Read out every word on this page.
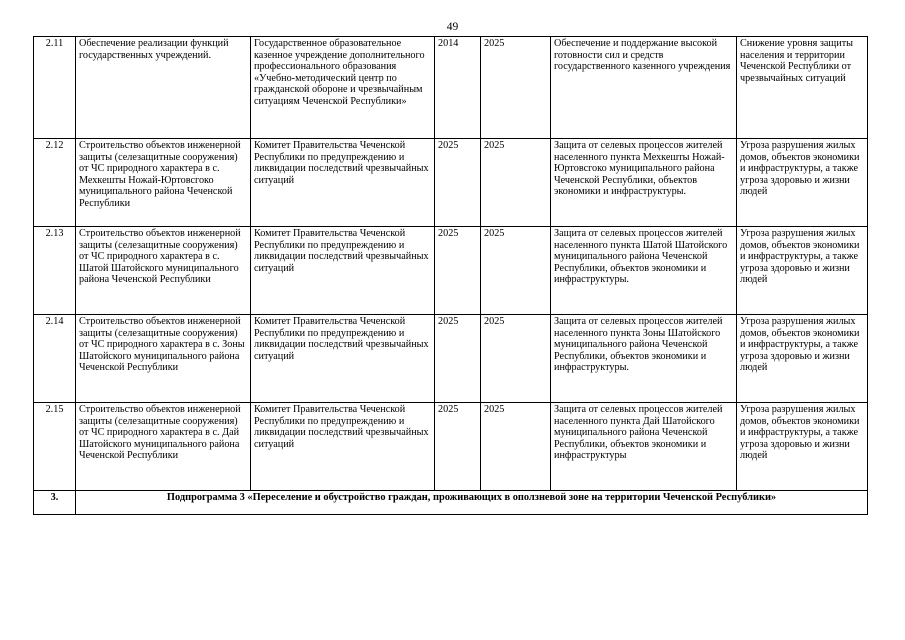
49
2.11	Обеспечение реализации функций государственных учреждений.	Государственное образовательное казенное учреждение дополнительного профессионального образования «Учебно-методический центр по гражданской обороне и чрезвычайным ситуациям Чеченской Республики»	2014	2025	Обеспечение и поддержание высокой готовности сил и средств государственного казенного учреждения	Снижение уровня защиты населения и территории Чеченской Республики от чрезвычайных ситуаций
2.12	Строительство объектов инженерной защиты (селезащитные сооружения) от ЧС природного характера в с. Мехкешты Ножай-Юртовсгоко муниципального района Чеченской Республики	Комитет Правительства Чеченской Республики по предупреждению и ликвидации последствий чрезвычайных ситуаций	2025	2025	Защита от селевых процессов жителей населенного пункта Мехкешты Ножай-Юртовсгоко муниципального района Чеченской Республики, объектов экономики и инфраструктуры.	Угроза разрушения жилых домов, объектов экономики и инфраструктуры, а также угроза здоровью и жизни людей
2.13	Строительство объектов инженерной защиты (селезащитные сооружения) от ЧС природного характера в с. Шатой Шатойского муниципального района Чеченской Республики	Комитет Правительства Чеченской Республики по предупреждению и ликвидации последствий чрезвычайных ситуаций	2025	2025	Защита от селевых процессов жителей населенного пункта Шатой Шатойского муниципального района Чеченской Республики, объектов экономики и инфраструктуры.	Угроза разрушения жилых домов, объектов экономики и инфраструктуры, а также угроза здоровью и жизни людей
2.14	Строительство объектов инженерной защиты (селезащитные сооружения) от ЧС природного характера в с. Зоны Шатойского муниципального района Чеченской Республики	Комитет Правительства Чеченской Республики по предупреждению и ликвидации последствий чрезвычайных ситуаций	2025	2025	Защита от селевых процессов жителей населенного пункта Зоны Шатойского муниципального района Чеченской Республики, объектов экономики и инфраструктуры.	Угроза разрушения жилых домов, объектов экономики и инфраструктуры, а также угроза здоровью и жизни людей
2.15	Строительство объектов инженерной защиты (селезащитные сооружения) от ЧС природного характера в с. Дай Шатойского муниципального района Чеченской Республики	Комитет Правительства Чеченской Республики по предупреждению и ликвидации последствий чрезвычайных ситуаций	2025	2025	Защита от селевых процессов жителей населенного пункта Дай Шатойского муниципального района Чеченской Республики, объектов экономики и инфраструктуры	Угроза разрушения жилых домов, объектов экономики и инфраструктуры, а также угроза здоровью и жизни людей
3.	Подпрограмма 3 «Переселение и обустройство граждан, проживающих в оползневой зоне на территории Чеченской Республики»					
